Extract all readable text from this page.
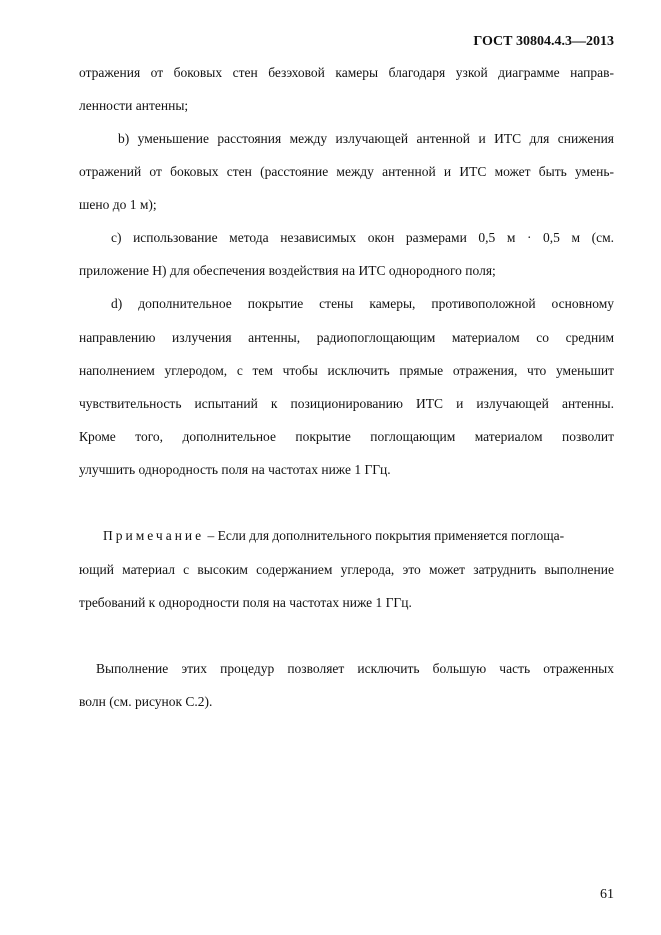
ГОСТ 30804.4.3—2013
отражения от боковых стен безэховой камеры благодаря узкой диаграмме направ-
ленности антенны;
b) уменьшение расстояния между излучающей антенной и ИТС для снижения
отражений от боковых стен (расстояние между антенной и ИТС может быть умень-
шено до 1 м);
c) использование метода независимых окон размерами 0,5 м · 0,5 м (см.
приложение Н) для обеспечения воздействия на ИТС однородного поля;
d) дополнительное покрытие стены камеры, противоположной основному
направлению излучения антенны, радиопоглощающим материалом со средним
наполнением углеродом, с тем чтобы исключить прямые отражения, что уменьшит
чувствительность испытаний к позиционированию ИТС и излучающей антенны.
Кроме того, дополнительное покрытие поглощающим материалом позволит
улучшить однородность поля на частотах ниже 1 ГГц.
Примечание – Если для дополнительного покрытия применяется поглоща-
ющий материал с высоким содержанием углерода, это может затруднить выполнение
требований к однородности поля на частотах ниже 1 ГГц.
Выполнение этих процедур позволяет исключить большую часть отраженных
волн (см. рисунок С.2).
61
